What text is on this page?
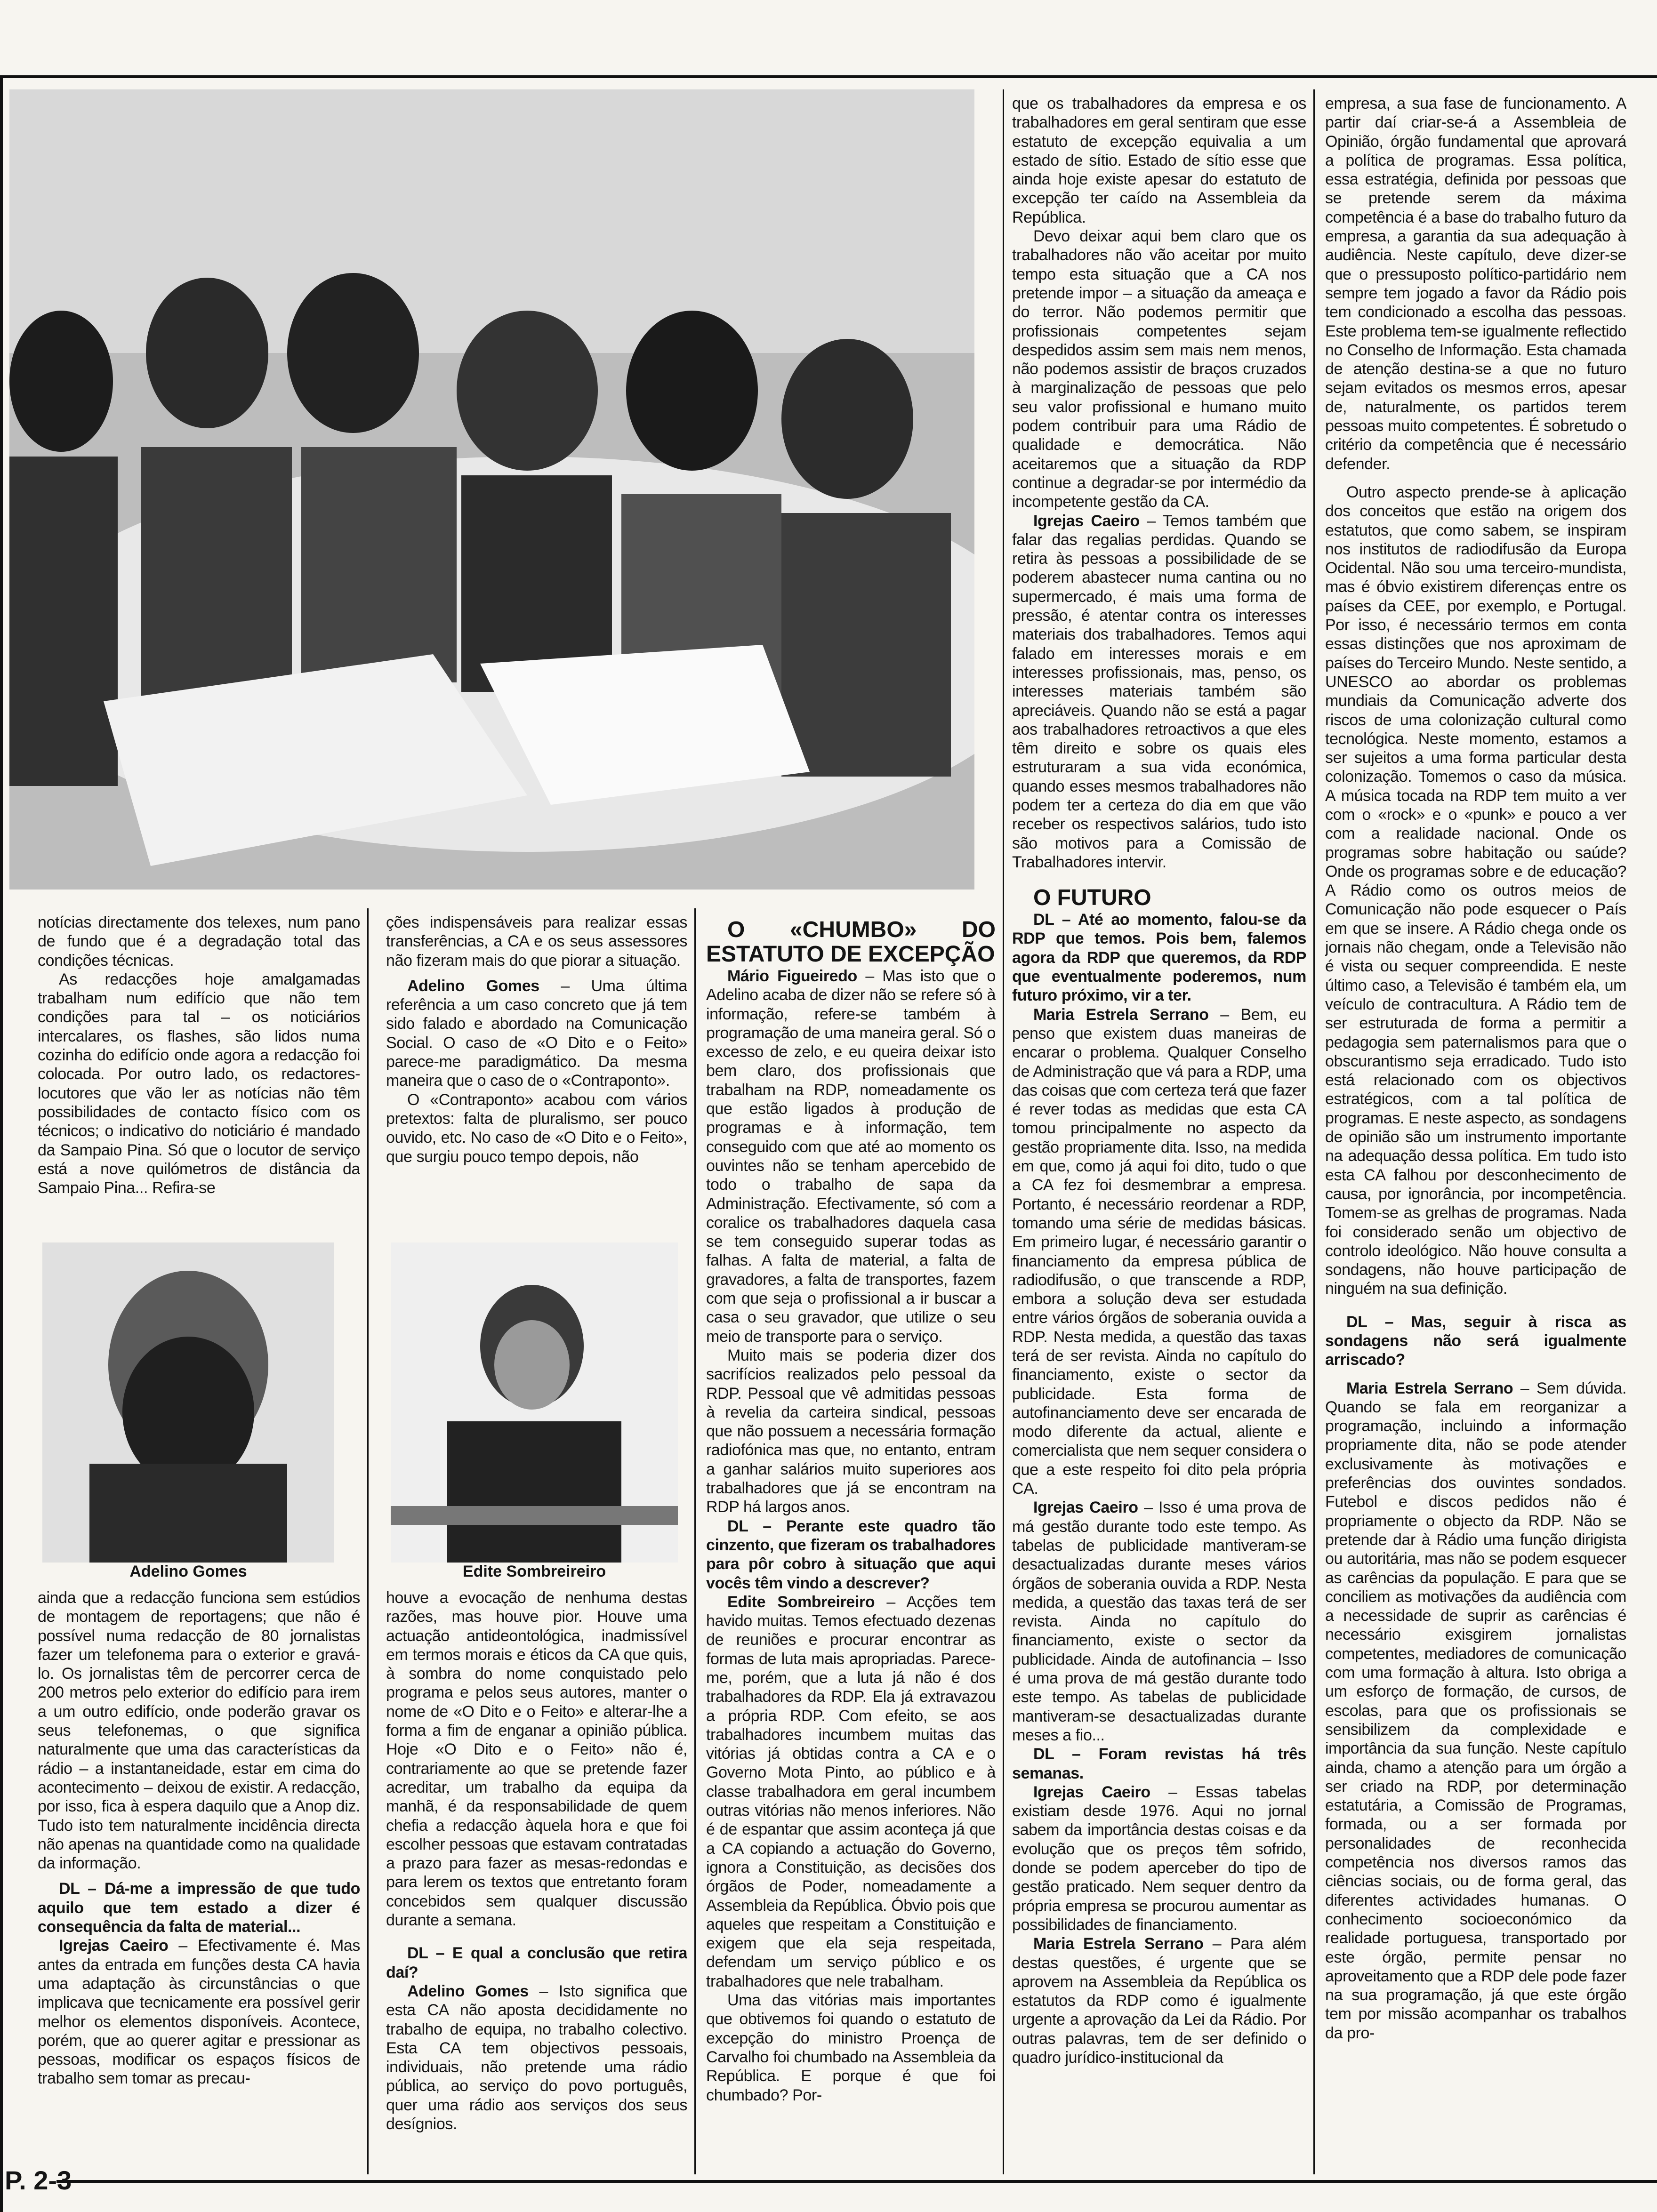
Adelino Gomes	Edite Sombreireiro

notícias directamente dos telexes, num pano de fundo que é a degradação total das condições técnicas.

As redacções hoje amalgamadas trabalham num edifício que não tem condições para tal – os noticiários intercalares, os flashes, são lidos numa cozinha do edifício onde agora a redacção foi colocada. Por outro lado, os redactores-locutores que vão ler as notícias não têm possibilidades de contacto físico com os técnicos; o indicativo do noticiário é mandado da Sampaio Pina. Só que o locutor de serviço está a nove quilómetros de distância da Sampaio Pina... Refira-se

ainda que a redacção funciona sem estúdios de montagem de reportagens; que não é possível numa redacção de 80 jornalistas fazer um telefonema para o exterior e gravá-lo. Os jornalistas têm de percorrer cerca de 200 metros pelo exterior do edifício para irem a um outro edifício, onde poderão gravar os seus telefonemas, o que significa naturalmente que uma das características da rádio – a instantaneidade, estar em cima do acontecimento – deixou de existir. A redacção, por isso, fica à espera daquilo que a Anop diz. Tudo isto tem naturalmente incidência directa não apenas na quantidade como na qualidade da informação.

DL – Dá-me a impressão de que tudo aquilo que tem estado a dizer é consequência da falta de material...

Igrejas Caeiro – Efectivamente é. Mas antes da entrada em funções desta CA havia uma adaptação às circunstâncias o que implicava que tecnicamente era possível gerir melhor os elementos disponíveis. Acontece, porém, que ao querer agitar e pressionar as pessoas, modificar os espaços físicos de trabalho sem tomar as precau-

ções indispensáveis para realizar essas transferências, a CA e os seus assessores não fizeram mais do que piorar a situação.

Adelino Gomes – Uma última referência a um caso concreto que já tem sido falado e abordado na Comunicação Social. O caso de «O Dito e o Feito» parece-me paradigmático. Da mesma maneira que o caso de o «Contraponto».

O «Contraponto» acabou com vários pretextos: falta de pluralismo, ser pouco ouvido, etc. No caso de «O Dito e o Feito», que surgiu pouco tempo depois, não

houve a evocação de nenhuma destas razões, mas houve pior. Houve uma actuação antideontológica, inadmissível em termos morais e éticos da CA que quis, à sombra do nome conquistado pelo programa e pelos seus autores, manter o nome de «O Dito e o Feito» e alterar-lhe a forma a fim de enganar a opinião pública. Hoje «O Dito e o Feito» não é, contrariamente ao que se pretende fazer acreditar, um trabalho da equipa da manhã, é da responsabilidade de quem chefia a redacção àquela hora e que foi escolher pessoas que estavam contratadas a prazo para fazer as mesas-redondas e para lerem os textos que entretanto foram concebidos sem qualquer discussão durante a semana.

DL – E qual a conclusão que retira daí?

Adelino Gomes – Isto significa que esta CA não aposta decididamente no trabalho de equipa, no trabalho colectivo. Esta CA tem objectivos pessoais, individuais, não pretende uma rádio pública, ao serviço do povo português, quer uma rádio aos serviços dos seus desígnios.

O «CHUMBO» DO ESTATUTO DE EXCEPÇÃO

Mário Figueiredo – Mas isto que o Adelino acaba de dizer não se refere só à informação, refere-se também à programação de uma maneira geral. Só o excesso de zelo, e eu queira deixar isto bem claro, dos profissionais que trabalham na RDP, nomeadamente os que estão ligados à produção de programas e à informação, tem conseguido com que até ao momento os ouvintes não se tenham apercebido de todo o trabalho de sapa da Administração. Efectivamente, só com a coralice os trabalhadores daquela casa se tem conseguido superar todas as falhas. A falta de material, a falta de gravadores, a falta de transportes, fazem com que seja o profissional a ir buscar a casa o seu gravador, que utilize o seu meio de transporte para o serviço.

Muito mais se poderia dizer dos sacrifícios realizados pelo pessoal da RDP. Pessoal que vê admitidas pessoas à revelia da carteira sindical, pessoas que não possuem a necessária formação radiofónica mas que, no entanto, entram a ganhar salários muito superiores aos trabalhadores que já se encontram na RDP há largos anos.

DL – Perante este quadro tão cinzento, que fizeram os trabalhadores para pôr cobro à situação que aqui vocês têm vindo a descrever?

Edite Sombreireiro – Acções tem havido muitas. Temos efectuado dezenas de reuniões e procurar encontrar as formas de luta mais apropriadas. Parece-me, porém, que a luta já não é dos trabalhadores da RDP. Ela já extravazou a própria RDP. Com efeito, se aos trabalhadores incumbem muitas das vitórias já obtidas contra a CA e o Governo Mota Pinto, ao público e à classe trabalhadora em geral incumbem outras vitórias não menos inferiores. Não é de espantar que assim aconteça já que a CA copiando a actuação do Governo, ignora a Constituição, as decisões dos órgãos de Poder, nomeadamente a Assembleia da República. Óbvio pois que aqueles que respeitam a Constituição e exigem que ela seja respeitada, defendam um serviço público e os trabalhadores que nele trabalham.

Uma das vitórias mais importantes que obtivemos foi quando o estatuto de excepção do ministro Proença de Carvalho foi chumbado na Assembleia da República. E porque é que foi chumbado? Por-

que os trabalhadores da empresa e os trabalhadores em geral sentiram que esse estatuto de excepção equivalia a um estado de sítio. Estado de sítio esse que ainda hoje existe apesar do estatuto de excepção ter caído na Assembleia da República.

Devo deixar aqui bem claro que os trabalhadores não vão aceitar por muito tempo esta situação que a CA nos pretende impor – a situação da ameaça e do terror. Não podemos permitir que profissionais competentes sejam despedidos assim sem mais nem menos, não podemos assistir de braços cruzados à marginalização de pessoas que pelo seu valor profissional e humano muito podem contribuir para uma Rádio de qualidade e democrática. Não aceitaremos que a situação da RDP continue a degradar-se por intermédio da incompetente gestão da CA.

Igrejas Caeiro – Temos também que falar das regalias perdidas. Quando se retira às pessoas a possibilidade de se poderem abastecer numa cantina ou no supermercado, é mais uma forma de pressão, é atentar contra os interesses materiais dos trabalhadores. Temos aqui falado em interesses morais e em interesses profissionais, mas, penso, os interesses materiais também são apreciáveis. Quando não se está a pagar aos trabalhadores retroactivos a que eles têm direito e sobre os quais eles estruturaram a sua vida económica, quando esses mesmos trabalhadores não podem ter a certeza do dia em que vão receber os respectivos salários, tudo isto são motivos para a Comissão de Trabalhadores intervir.

O FUTURO

DL – Até ao momento, falou-se da RDP que temos. Pois bem, falemos agora da RDP que queremos, da RDP que eventualmente poderemos, num futuro próximo, vir a ter.

Maria Estrela Serrano – Bem, eu penso que existem duas maneiras de encarar o problema. Qualquer Conselho de Administração que vá para a RDP, uma das coisas que com certeza terá que fazer é rever todas as medidas que esta CA tomou principalmente no aspecto da gestão propriamente dita. Isso, na medida em que, como já aqui foi dito, tudo o que a CA fez foi desmembrar a empresa. Portanto, é necessário reordenar a RDP, tomando uma série de medidas básicas. Em primeiro lugar, é necessário garantir o financiamento da empresa pública de radiodifusão, o que transcende a RDP, embora a solução deva ser estudada entre vários órgãos de soberania ouvida a RDP. Nesta medida, a questão das taxas terá de ser revista. Ainda no capítulo do financiamento, existe o sector da publicidade. Esta forma de autofinanciamento deve ser encarada de modo diferente da actual, aliente e comercialista que nem sequer considera o que a este respeito foi dito pela própria CA.

Igrejas Caeiro – Isso é uma prova de má gestão durante todo este tempo. As tabelas de publicidade mantiveram-se desactualizadas durante meses vários órgãos de soberania ouvida a RDP. Nesta medida, a questão das taxas terá de ser revista. Ainda no capítulo do financiamento, existe o sector da publicidade. Ainda de autofinancia – Isso é uma prova de má gestão durante todo este tempo. As tabelas de publicidade mantiveram-se desactualizadas durante meses a fio...

DL – Foram revistas há três semanas.

Igrejas Caeiro – Essas tabelas existiam desde 1976. Aqui no jornal sabem da importância destas coisas e da evolução que os preços têm sofrido, donde se podem aperceber do tipo de gestão praticado. Nem sequer dentro da própria empresa se procurou aumentar as possibilidades de financiamento.

Maria Estrela Serrano – Para além destas questões, é urgente que se aprovem na Assembleia da República os estatutos da RDP como é igualmente urgente a aprovação da Lei da Rádio. Por outras palavras, tem de ser definido o quadro jurídico-institucional da

empresa, a sua fase de funcionamento. A partir daí criar-se-á a Assembleia de Opinião, órgão fundamental que aprovará a política de programas. Essa política, essa estratégia, definida por pessoas que se pretende serem da máxima competência é a base do trabalho futuro da empresa, a garantia da sua adequação à audiência. Neste capítulo, deve dizer-se que o pressuposto político-partidário nem sempre tem jogado a favor da Rádio pois tem condicionado a escolha das pessoas. Este problema tem-se igualmente reflectido no Conselho de Informação. Esta chamada de atenção destina-se a que no futuro sejam evitados os mesmos erros, apesar de, naturalmente, os partidos terem pessoas muito competentes. É sobretudo o critério da competência que é necessário defender.

Outro aspecto prende-se à aplicação dos conceitos que estão na origem dos estatutos, que como sabem, se inspiram nos institutos de radiodifusão da Europa Ocidental. Não sou uma terceiro-mundista, mas é óbvio existirem diferenças entre os países da CEE, por exemplo, e Portugal. Por isso, é necessário termos em conta essas distinções que nos aproximam de países do Terceiro Mundo. Neste sentido, a UNESCO ao abordar os problemas mundiais da Comunicação adverte dos riscos de uma colonização cultural como tecnológica. Neste momento, estamos a ser sujeitos a uma forma particular desta colonização. Tomemos o caso da música. A música tocada na RDP tem muito a ver com o «rock» e o «punk» e pouco a ver com a realidade nacional. Onde os programas sobre habitação ou saúde? Onde os programas sobre e de educação? A Rádio como os outros meios de Comunicação não pode esquecer o País em que se insere. A Rádio chega onde os jornais não chegam, onde a Televisão não é vista ou sequer compreendida. E neste último caso, a Televisão é também ela, um veículo de contracultura. A Rádio tem de ser estruturada de forma a permitir a pedagogia sem paternalismos para que o obscurantismo seja erradicado. Tudo isto está relacionado com os objectivos estratégicos, com a tal política de programas. E neste aspecto, as sondagens de opinião são um instrumento importante na adequação dessa política. Em tudo isto esta CA falhou por desconhecimento de causa, por ignorância, por incompetência. Tomem-se as grelhas de programas. Nada foi considerado senão um objectivo de controlo ideológico. Não houve consulta a sondagens, não houve participação de ninguém na sua definição.

DL – Mas, seguir à risca as sondagens não será igualmente arriscado?

Maria Estrela Serrano – Sem dúvida. Quando se fala em reorganizar a programação, incluindo a informação propriamente dita, não se pode atender exclusivamente às motivações e preferências dos ouvintes sondados. Futebol e discos pedidos não é propriamente o objecto da RDP. Não se pretende dar à Rádio uma função dirigista ou autoritária, mas não se podem esquecer as carências da população. E para que se conciliem as motivações da audiência com a necessidade de suprir as carências é necessário exisgirem jornalistas competentes, mediadores de comunicação com uma formação à altura. Isto obriga a um esforço de formação, de cursos, de escolas, para que os profissionais se sensibilizem da complexidade e importância da sua função. Neste capítulo ainda, chamo a atenção para um órgão a ser criado na RDP, por determinação estatutária, a Comissão de Programas, formada, ou a ser formada por personalidades de reconhecida competência nos diversos ramos das ciências sociais, ou de forma geral, das diferentes actividades humanas. O conhecimento socioeconómico da realidade portuguesa, transportado por este órgão, permite pensar no aproveitamento que a RDP dele pode fazer na sua programação, já que este órgão tem por missão acompanhar os trabalhos da pro-

P. 2-3
